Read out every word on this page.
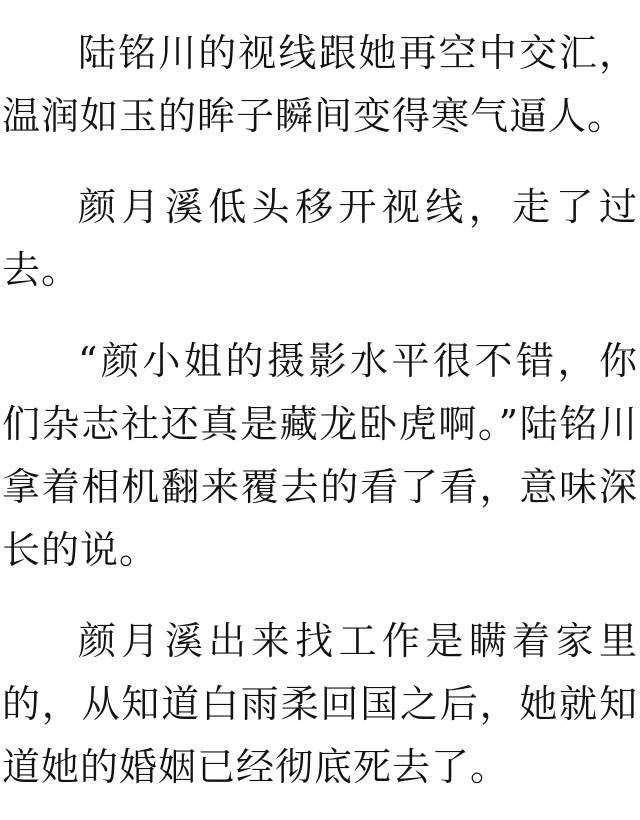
陆铭川的视线跟她再空中交汇，温润如玉的眸子瞬间变得寒气逼人。

颜月溪低头移开视线，走了过去。

“颜小姐的摄影水平很不错，你们杂志社还真是藏龙卧虎啊。”陆铭川拿着相机翻来覆去的看了看，意味深长的说。

颜月溪出来找工作是瞒着家里的，从知道白雨柔回国之后，她就知道她的婚姻已经彻底死去了。
